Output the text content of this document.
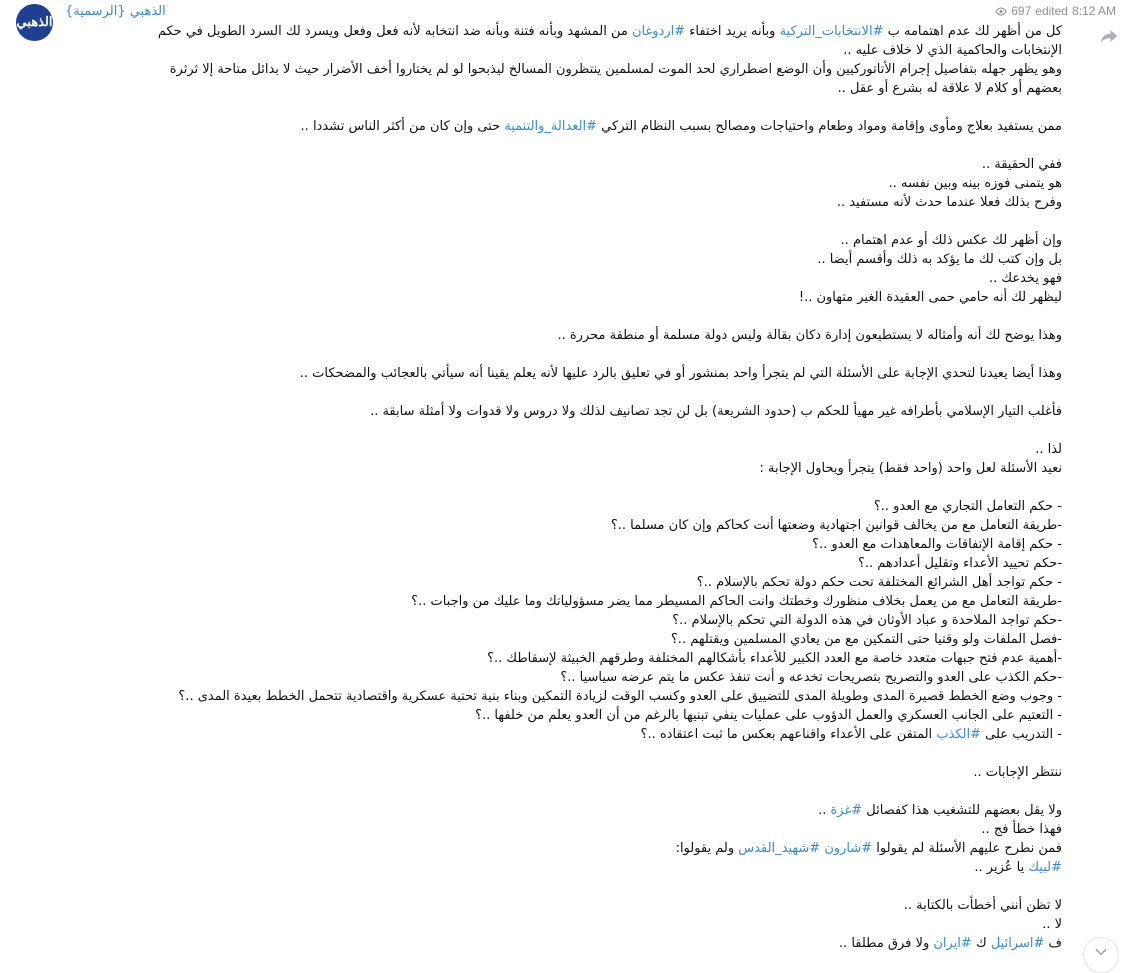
الذهبي
الذهبي {الرسمية}	697 edited 8:12 AM
كل من أظهر لك عدم اهتمامه ب #الانتخابات_التركية وبأنه يريد اختفاء #اردوغان من المشهد وبأنه فتنة وبأنه ضد انتخابه لأنه فعل وفعل ويسرد لك السرد الطويل في حكم
الإنتخابات والحاكمية الذي لا خلاف عليه ..
وهو يظهر جهله بتفاصيل إجرام الأتاتوركيين وأن الوضع اضطراري لحد الموت لمسلمين ينتظرون المسالخ ليذبحوا لو لم يختاروا أخف الأضرار حيث لا بدائل متاحة إلا ثرثرة
بعضهم أو كلام لا علاقة له بشرع أو عقل ..
ممن يستفيد بعلاج ومأوى وإقامة ومواد وطعام واحتياجات ومصالح بسبب النظام التركي #العدالة_والتنمية حتى وإن كان من أكثر الناس تشددا ..
ففي الحقيقة ..
هو يتمنى فوزه بينه وبين نفسه ..
وفرح بذلك فعلا عندما حدث لأنه مستفيد ..
وإن أظهر لك عكس ذلك أو عدم اهتمام ..
بل وإن كتب لك ما يؤكد به ذلك وأقسم أيضا ..
فهو يخدعك ..
ليظهر لك أنه حامي حمى العقيدة الغير متهاون ..!
وهذا يوضح لك أنه وأمثاله لا يستطيعون إدارة دكان بقالة وليس دولة مسلمة أو منطقة محررة ..
وهذا أيضا يعيدنا لتحدي الإجابة على الأسئلة التي لم يتجرأ واحد بمنشور أو في تعليق بالرد عليها لأنه يعلم يقينا أنه سيأتي بالعجائب والمضحكات ..
فأغلب التيار الإسلامي بأطرافه غير مهيأ للحكم ب (حدود الشريعة) بل لن تجد تصانيف لذلك ولا دروس ولا قدوات ولا أمثلة سابقة ..
لذا ..
نعيد الأسئلة لعل واحد (واحد فقط) يتجرأ ويحاول الإجابة :
- حكم التعامل التجاري مع العدو ..؟
-طريقة التعامل مع من يخالف قوانين اجتهادية وضعتها أنت كحاكم وإن كان مسلما ..؟
- حكم إقامة الإتفاقات والمعاهدات مع العدو ..؟
-حكم تحييد الأعداء وتقليل أعدادهم ..؟
- حكم تواجد أهل الشرائع المختلفة تحت حكم دولة تحكم بالإسلام ..؟
-طريقة التعامل مع من يعمل بخلاف منظورك وخطتك وانت الحاكم المسيطر مما يضر مسؤولياتك وما عليك من واجبات ..؟
-حكم تواجد الملاحدة و عباد الأوثان في هذه الدولة التي تحكم بالإسلام ..؟
-فصل الملفات ولو وقتيا حتى التمكين مع من يعادي المسلمين ويقتلهم ..؟
-أهمية عدم فتح جبهات متعدد خاصة مع العدد الكبير للأعداء بأشكالهم المختلفة وطرقهم الخبيثة لإسقاطك ..؟
-حكم الكذب على العدو والتصريح بتصريحات تخدعه و أنت تنفذ عكس ما يتم عرضه سياسيا ..؟
- وجوب وضع الخطط قصيرة المدى وطويلة المدى للتضييق على العدو وكسب الوقت لزيادة التمكين وبناء بنية تحتية عسكرية واقتصادية تتحمل الخطط بعيدة المدى ..؟
- التعتيم على الجانب العسكري والعمل الدؤوب على عمليات ينفي تبنيها بالرغم من أن العدو يعلم من خلفها ..؟
- التدريب على #الكذب المتقن على الأعداء واقناعهم بعكس ما ثبت اعتقاده ..؟
ننتظر الإجابات ..
ولا يقل بعضهم للتشغيب هذا كفصائل #غزة ..
فهذا خطأ فج ..
فمن نطرح عليهم الأسئلة لم يقولوا #شارون #شهيد_القدس ولم يقولوا:
#لبيك يا عُزير ..
لا تظن أنني أخطأت بالكتابة ..
لا ..
ف #اسرائيل ك #ايران ولا فرق مطلقا ..
